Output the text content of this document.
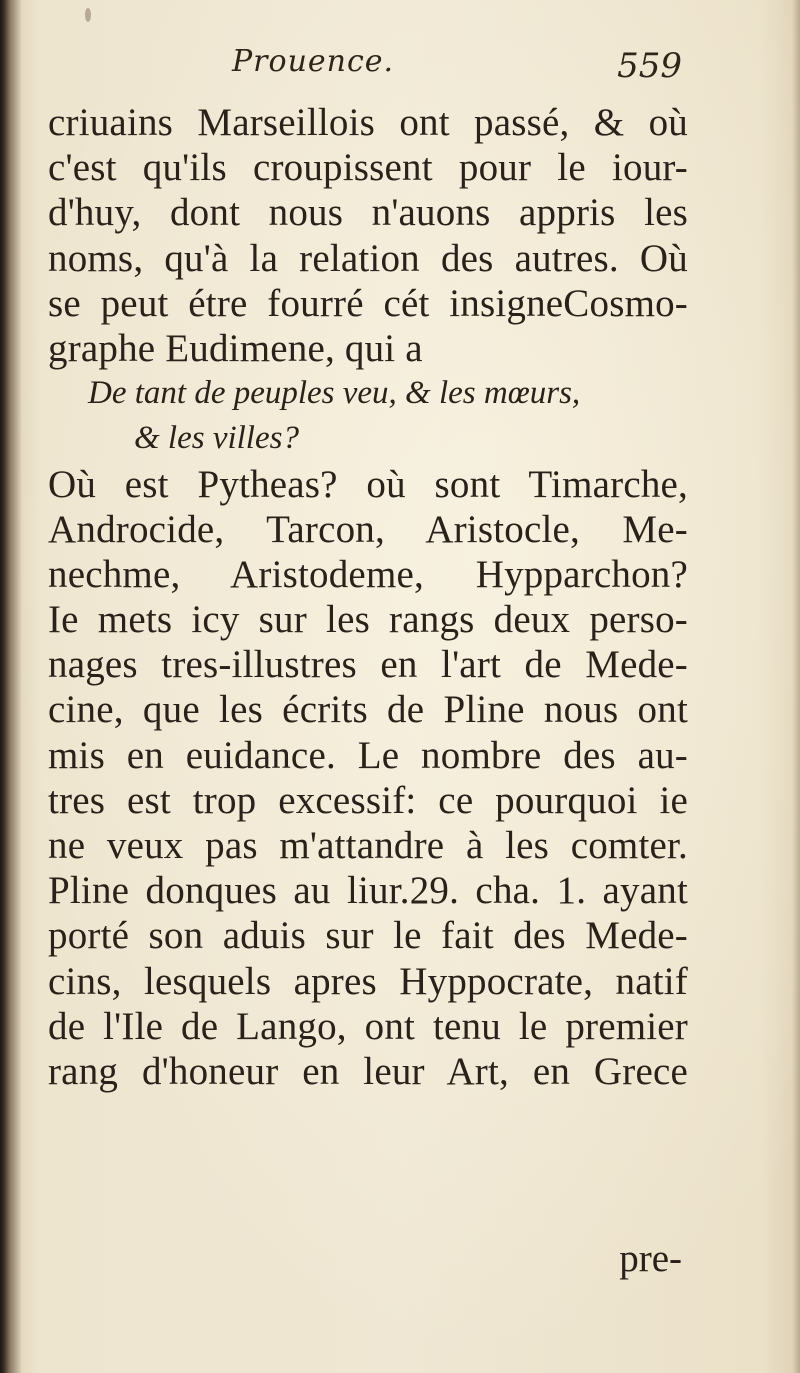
Prouence.	559
criuains Marseillois ont passé, & où
c'est qu'ils croupissent pour le iour-
d'huy, dont nous n'auons appris les
noms, qu'à la relation des autres. Où
se peut étre fourré cét insigneCosmo-
graphe Eudimene, qui a
De tant de peuples veu, & les mœurs,
& les villes?
Où est Pytheas? où sont Timarche,
Androcide, Tarcon, Aristocle, Me-
nechme, Aristodeme, Hypparchon?
Ie mets icy sur les rangs deux perso-
nages tres-illustres en l'art de Mede-
cine, que les écrits de Pline nous ont
mis en euidance. Le nombre des au-
tres est trop excessif: ce pourquoi ie
ne veux pas m'attandre à les comter.
Pline donques au liur.29. cha. 1. ayant
porté son aduis sur le fait des Mede-
cins, lesquels apres Hyppocrate, natif
de l'Ile de Lango, ont tenu le premier
rang d'honeur en leur Art, en Grece
pre-
